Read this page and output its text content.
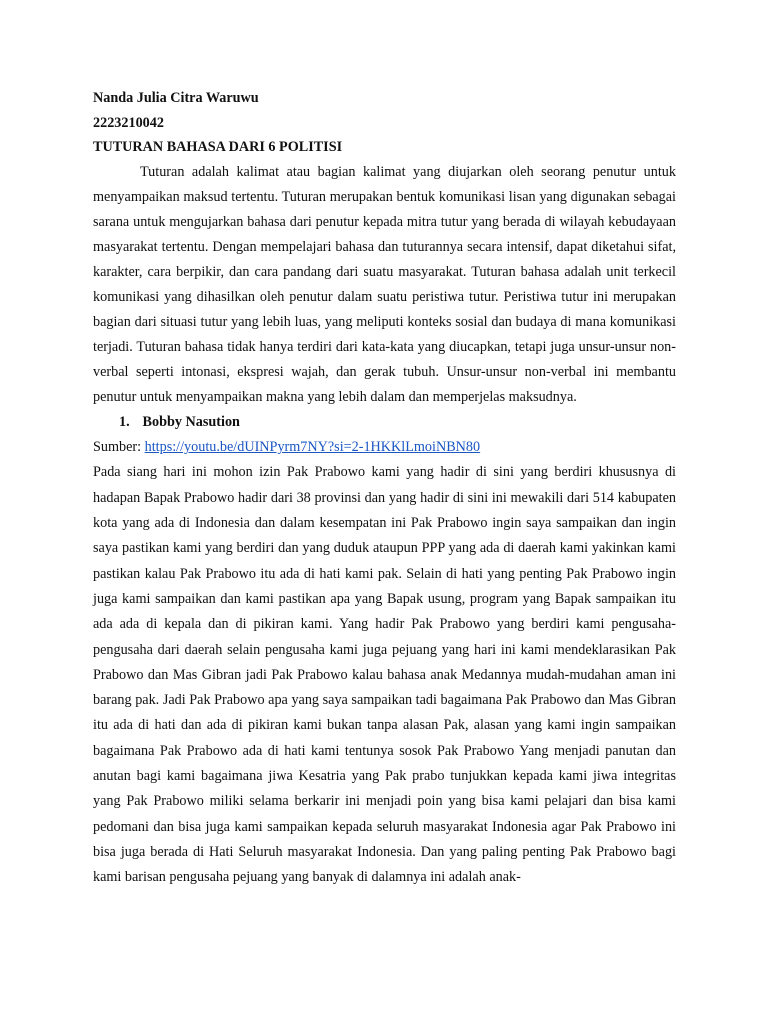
Nanda Julia Citra Waruwu
2223210042
TUTURAN BAHASA DARI 6 POLITISI

Tuturan adalah kalimat atau bagian kalimat yang diujarkan oleh seorang penutur untuk menyampaikan maksud tertentu. Tuturan merupakan bentuk komunikasi lisan yang digunakan sebagai sarana untuk mengujarkan bahasa dari penutur kepada mitra tutur yang berada di wilayah kebudayaan masyarakat tertentu. Dengan mempelajari bahasa dan tuturannya secara intensif, dapat diketahui sifat, karakter, cara berpikir, dan cara pandang dari suatu masyarakat. Tuturan bahasa adalah unit terkecil komunikasi yang dihasilkan oleh penutur dalam suatu peristiwa tutur. Peristiwa tutur ini merupakan bagian dari situasi tutur yang lebih luas, yang meliputi konteks sosial dan budaya di mana komunikasi terjadi. Tuturan bahasa tidak hanya terdiri dari kata-kata yang diucapkan, tetapi juga unsur-unsur non-verbal seperti intonasi, ekspresi wajah, dan gerak tubuh. Unsur-unsur non-verbal ini membantu penutur untuk menyampaikan makna yang lebih dalam dan memperjelas maksudnya.

1. Bobby Nasution
Sumber: https://youtu.be/dUINPyrm7NY?si=2-1HKKlLmoiNBN80

Pada siang hari ini mohon izin Pak Prabowo kami yang hadir di sini yang berdiri khususnya di hadapan Bapak Prabowo hadir dari 38 provinsi dan yang hadir di sini ini mewakili dari 514 kabupaten kota yang ada di Indonesia dan dalam kesempatan ini Pak Prabowo ingin saya sampaikan dan ingin saya pastikan kami yang berdiri dan yang duduk ataupun PPP yang ada di daerah kami yakinkan kami pastikan kalau Pak Prabowo itu ada di hati kami pak. Selain di hati yang penting Pak Prabowo ingin juga kami sampaikan dan kami pastikan apa yang Bapak usung, program yang Bapak sampaikan itu ada ada di kepala dan di pikiran kami. Yang hadir Pak Prabowo yang berdiri kami pengusaha-pengusaha dari daerah selain pengusaha kami juga pejuang yang hari ini kami mendeklarasikan Pak Prabowo dan Mas Gibran jadi Pak Prabowo kalau bahasa anak Medannya mudah-mudahan aman ini barang pak. Jadi Pak Prabowo apa yang saya sampaikan tadi bagaimana Pak Prabowo dan Mas Gibran itu ada di hati dan ada di pikiran kami bukan tanpa alasan Pak, alasan yang kami ingin sampaikan bagaimana Pak Prabowo ada di hati kami tentunya sosok Pak Prabowo Yang menjadi panutan dan anutan bagi kami bagaimana jiwa Kesatria yang Pak prabo tunjukkan kepada kami jiwa integritas yang Pak Prabowo miliki selama berkarir ini menjadi poin yang bisa kami pelajari dan bisa kami pedomani dan bisa juga kami sampaikan kepada seluruh masyarakat Indonesia agar Pak Prabowo ini bisa juga berada di Hati Seluruh masyarakat Indonesia. Dan yang paling penting Pak Prabowo bagi kami barisan pengusaha pejuang yang banyak di dalamnya ini adalah anak-
